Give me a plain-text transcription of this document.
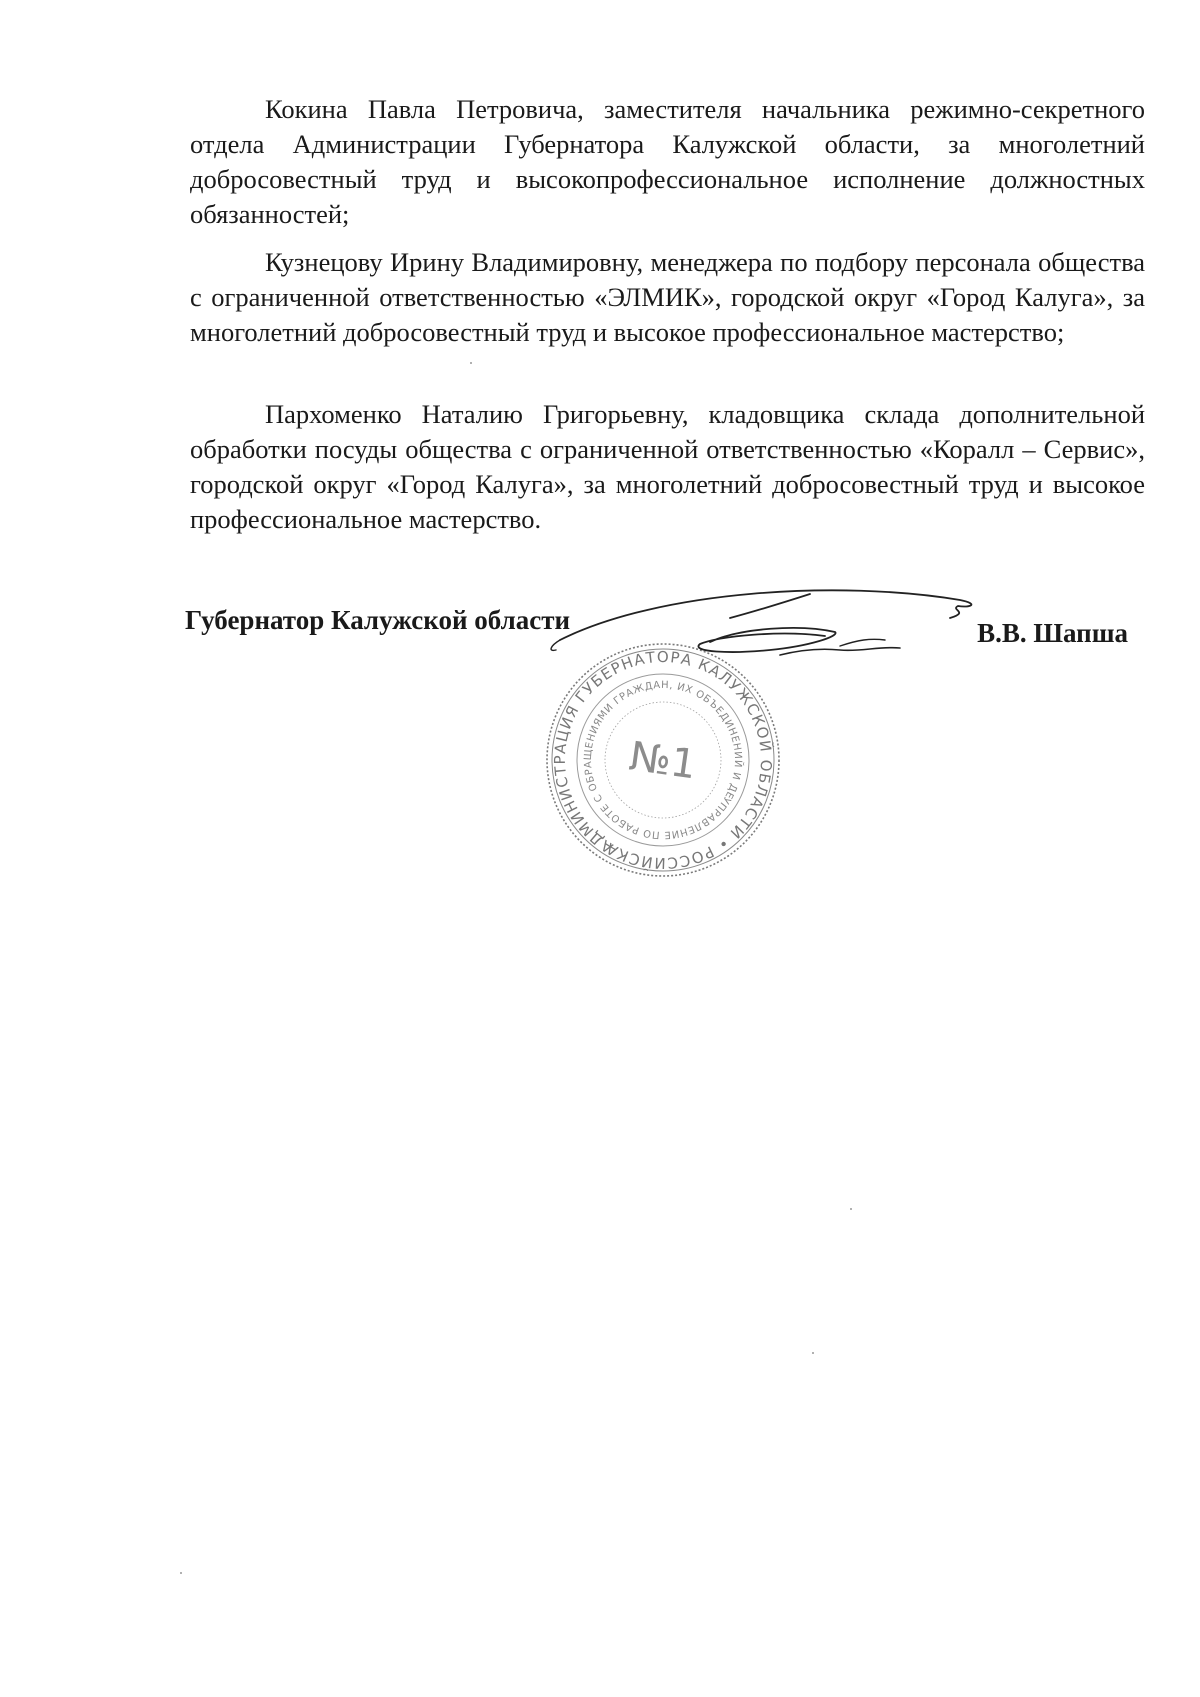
Кокина Павла Петровича, заместителя начальника режимно-секретного отдела Администрации Губернатора Калужской области, за многолетний добросовестный труд и высокопрофессиональное исполнение должностных обязанностей;

Кузнецову Ирину Владимировну, менеджера по подбору персонала общества с ограниченной ответственностью «ЭЛМИК», городской округ «Город Калуга», за многолетний добросовестный труд и высокое профессиональное мастерство;

Пархоменко Наталию Григорьевну, кладовщика склада дополнительной обработки посуды общества с ограниченной ответственностью «Коралл – Сервис», городской округ «Город Калуга», за многолетний добросовестный труд и высокое профессиональное мастерство.

Губернатор Калужской области	В.В. Шапша
АДМИНИСТРАЦИЯ ГУБЕРНАТОРА КАЛУЖСКОЙ ОБЛАСТИ • РОССИЙСКАЯ	УПРАВЛЕНИЕ ПО РАБОТЕ С ОБРАЩЕНИЯМИ ГРАЖДАН, ИХ ОБЪЕДИНЕНИЙ И ДЕЛОПРОИЗВОДСТВУ
№1
